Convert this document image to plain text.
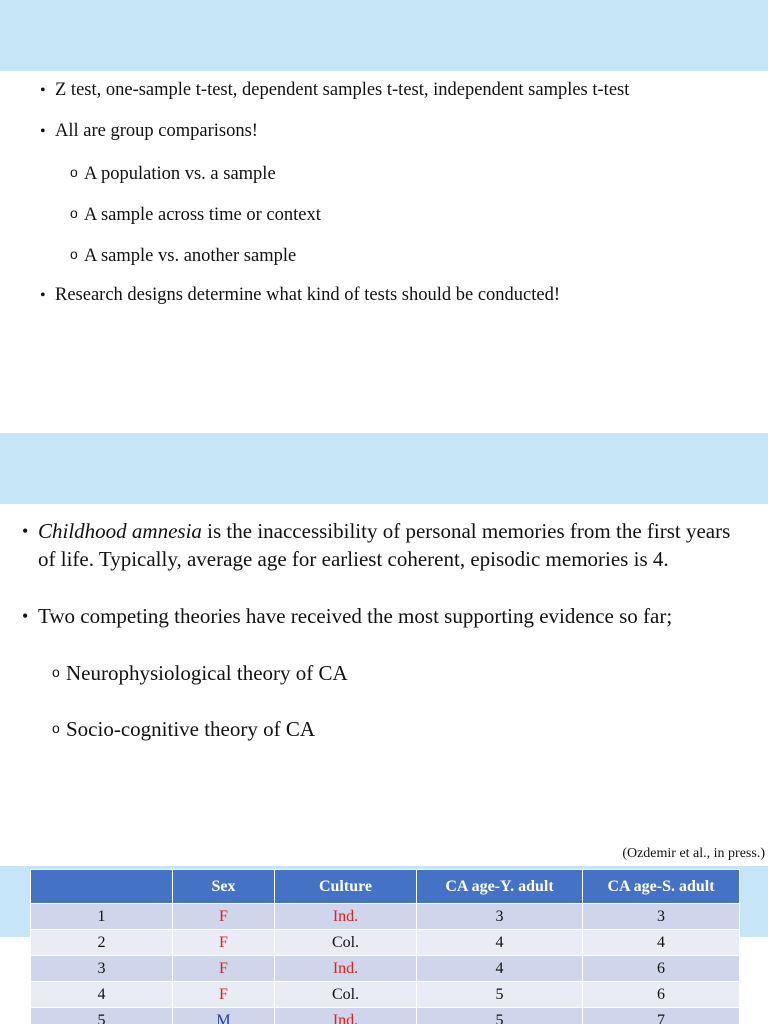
• Z test, one-sample t-test, dependent samples t-test, independent samples t-test
• All are group comparisons!
o A population vs. a sample
o A sample across time or context
o A sample vs. another sample
• Research designs determine what kind of tests should be conducted!
• Childhood amnesia is the inaccessibility of personal memories from the first years of life. Typically, average age for earliest coherent, episodic memories is 4.
• Two competing theories have received the most supporting evidence so far;
o Neurophysiological theory of CA
o Socio-cognitive theory of CA
(Ozdemir et al., in press.)
	Sex	Culture	CA age-Y. adult	CA age-S. adult
1	F	Ind.	3	3
2	F	Col.	4	4
3	F	Ind.	4	6
4	F	Col.	5	6
5	M	Ind.	5	7
